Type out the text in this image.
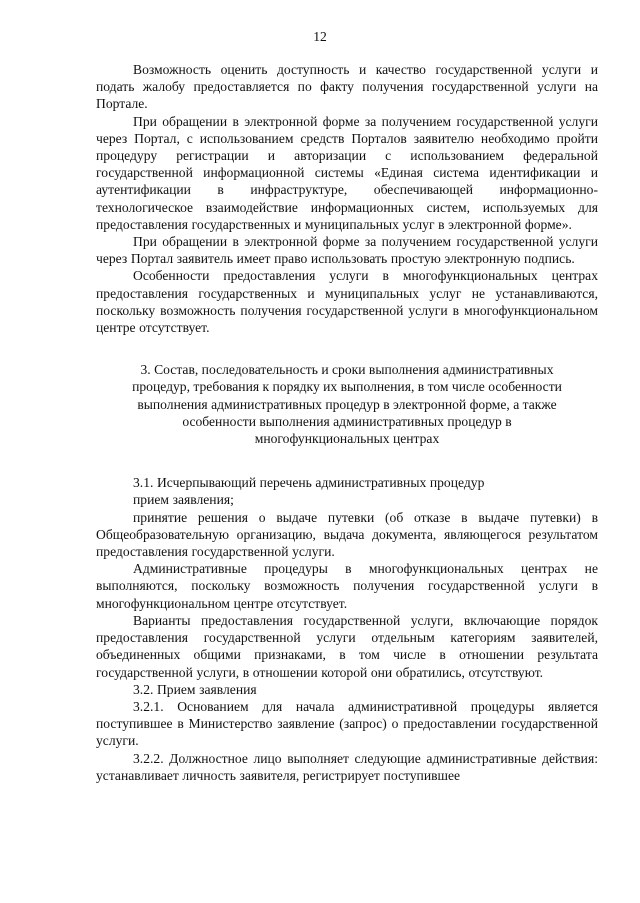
12

Возможность оценить доступность и качество государственной услуги и подать жалобу предоставляется по факту получения государственной услуги на Портале.

При обращении в электронной форме за получением государственной услуги через Портал, с использованием средств Порталов заявителю необходимо пройти процедуру регистрации и авторизации с использованием федеральной государственной информационной системы «Единая система идентификации и аутентификации в инфраструктуре, обеспечивающей информационно-технологическое взаимодействие информационных систем, используемых для предоставления государственных и муниципальных услуг в электронной форме».

При обращении в электронной форме за получением государственной услуги через Портал заявитель имеет право использовать простую электронную подпись.

Особенности предоставления услуги в многофункциональных центрах предоставления государственных и муниципальных услуг не устанавливаются, поскольку возможность получения государственной услуги в многофункциональном центре отсутствует.

3. Состав, последовательность и сроки выполнения административных
процедур, требования к порядку их выполнения, в том числе особенности
выполнения административных процедур в электронной форме, а также
особенности выполнения административных процедур в
многофункциональных центрах

3.1. Исчерпывающий перечень административных процедур

прием заявления;

принятие решения о выдаче путевки (об отказе в выдаче путевки) в Общеобразовательную организацию, выдача документа, являющегося результатом предоставления государственной услуги.

Административные процедуры в многофункциональных центрах не выполняются, поскольку возможность получения государственной услуги в многофункциональном центре отсутствует.

Варианты предоставления государственной услуги, включающие порядок предоставления государственной услуги отдельным категориям заявителей, объединенных общими признаками, в том числе в отношении результата государственной услуги, в отношении которой они обратились, отсутствуют.

3.2. Прием заявления

3.2.1. Основанием для начала административной процедуры является поступившее в Министерство заявление (запрос) о предоставлении государственной услуги.

3.2.2. Должностное лицо выполняет следующие административные действия: устанавливает личность заявителя, регистрирует поступившее
